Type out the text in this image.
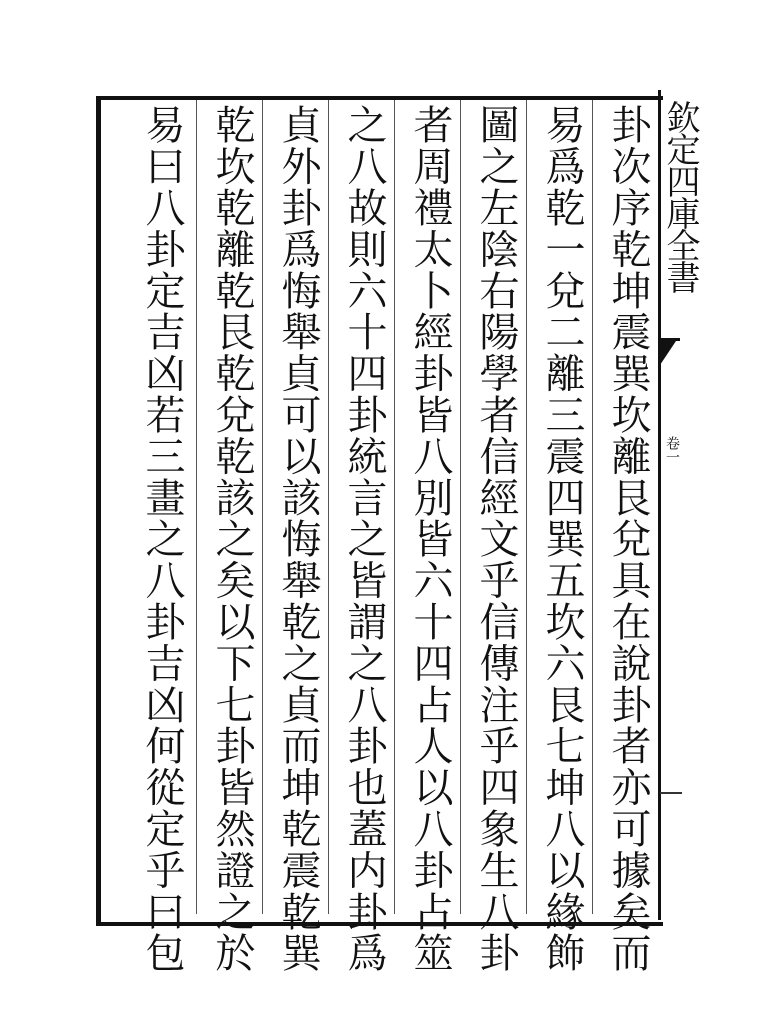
欽定四庫全書
卷一
卦次序乾坤震巽坎離艮兌具在說卦者亦可據矣而
易爲乾一兌二離三震四巽五坎六艮七坤八以緣飾
圖之左陰右陽學者信經文乎信傳注乎四象生八卦
者周禮太卜經卦皆八別皆六十四占人以八卦占筮
之八故則六十四卦統言之皆謂之八卦也蓋内卦爲
貞外卦爲悔舉貞可以該悔舉乾之貞而坤乾震乾巽
乾坎乾離乾艮乾兌乾該之矣以下七卦皆然證之於
易曰八卦定吉凶若三畫之八卦吉凶何從定乎曰包
